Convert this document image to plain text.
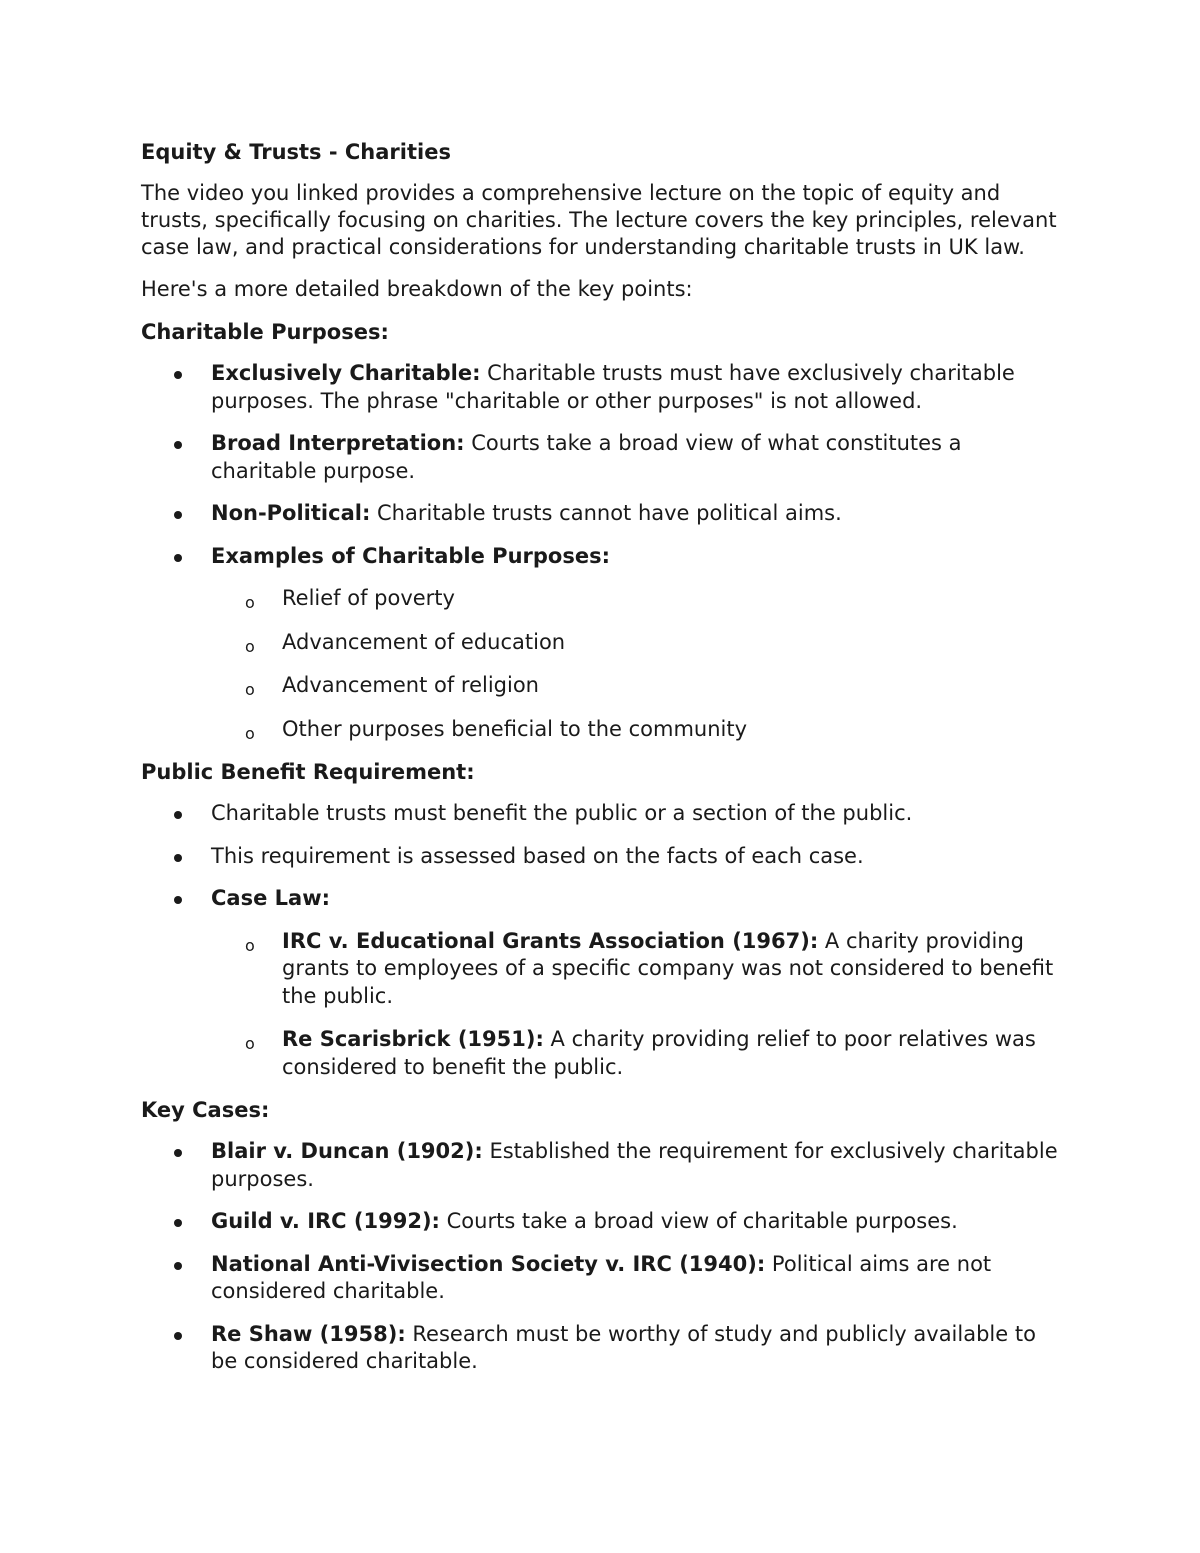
Equity & Trusts - Charities

The video you linked provides a comprehensive lecture on the topic of equity and trusts, specifically focusing on charities. The lecture covers the key principles, relevant case law, and practical considerations for understanding charitable trusts in UK law.

Here's a more detailed breakdown of the key points:

Charitable Purposes:
Exclusively Charitable: Charitable trusts must have exclusively charitable purposes. The phrase "charitable or other purposes" is not allowed.
Broad Interpretation: Courts take a broad view of what constitutes a charitable purpose.
Non-Political: Charitable trusts cannot have political aims.
Examples of Charitable Purposes:
o Relief of poverty
o Advancement of education
o Advancement of religion
o Other purposes beneficial to the community
Public Benefit Requirement:
Charitable trusts must benefit the public or a section of the public.
This requirement is assessed based on the facts of each case.
Case Law:
o IRC v. Educational Grants Association (1967): A charity providing grants to employees of a specific company was not considered to benefit the public.
o Re Scarisbrick (1951): A charity providing relief to poor relatives was considered to benefit the public.
Key Cases:
Blair v. Duncan (1902): Established the requirement for exclusively charitable purposes.
Guild v. IRC (1992): Courts take a broad view of charitable purposes.
National Anti-Vivisection Society v. IRC (1940): Political aims are not considered charitable.
Re Shaw (1958): Research must be worthy of study and publicly available to be considered charitable.
